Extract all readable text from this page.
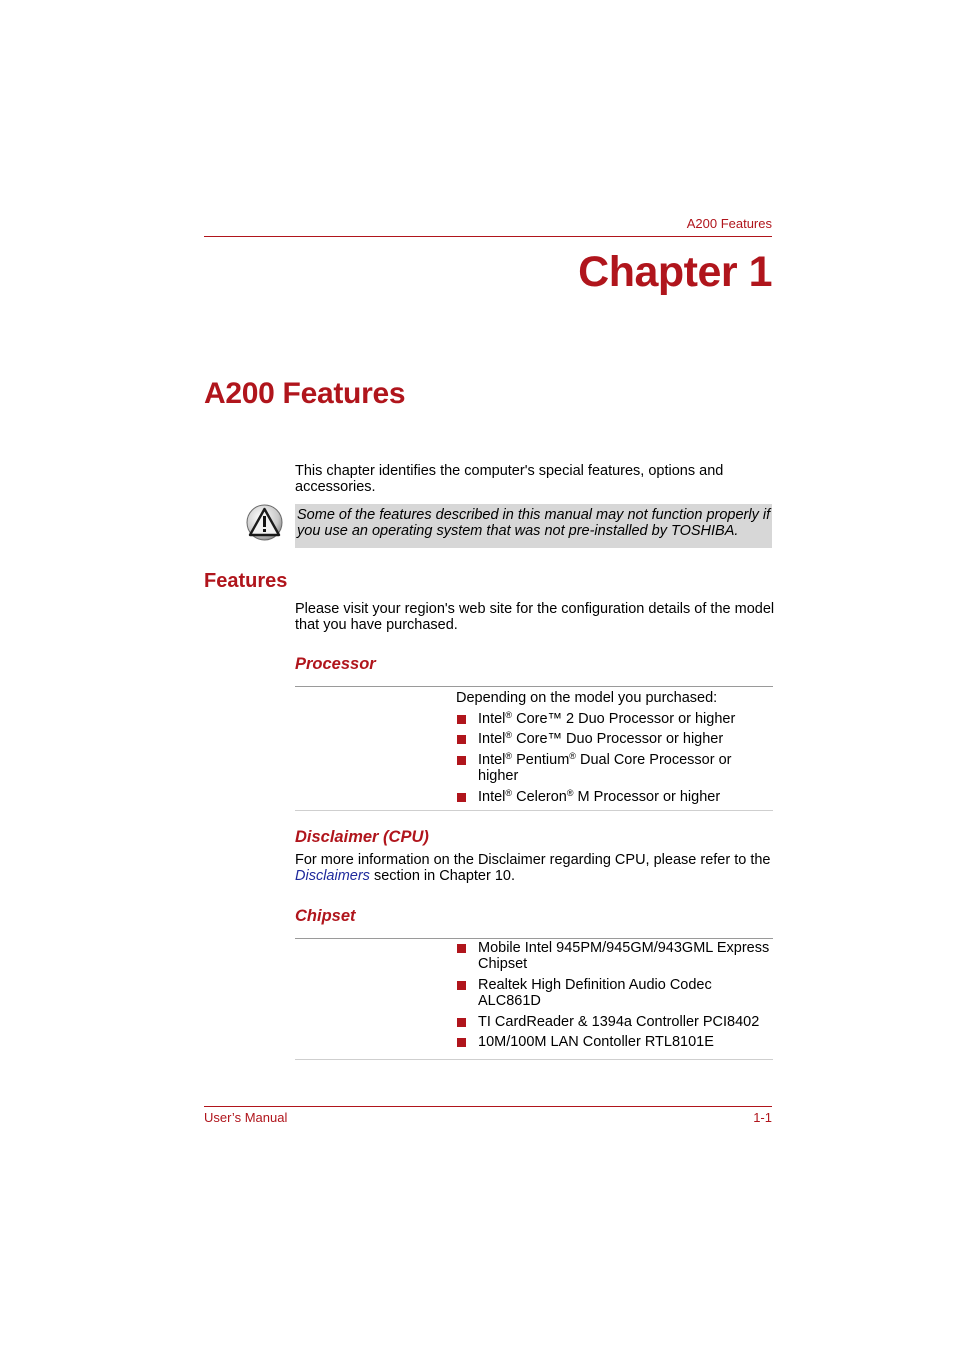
A200 Features
Chapter 1
A200 Features
This chapter identifies the computer's special features, options and accessories.
Some of the features described in this manual may not function properly if you use an operating system that was not pre-installed by TOSHIBA.
Features
Please visit your region's web site for the configuration details of the model that you have purchased.
Processor
Depending on the model you purchased:
Intel® Core™ 2 Duo Processor or higher
Intel® Core™ Duo Processor or higher
Intel® Pentium® Dual Core Processor or higher
Intel® Celeron® M Processor or higher
Disclaimer (CPU)
For more information on the Disclaimer regarding CPU, please refer to the Disclaimers section in Chapter 10.
Chipset
Mobile Intel 945PM/945GM/943GML Express Chipset
Realtek High Definition Audio Codec ALC861D
TI CardReader & 1394a Controller PCI8402
10M/100M LAN Contoller RTL8101E
User’s Manual	1-1
